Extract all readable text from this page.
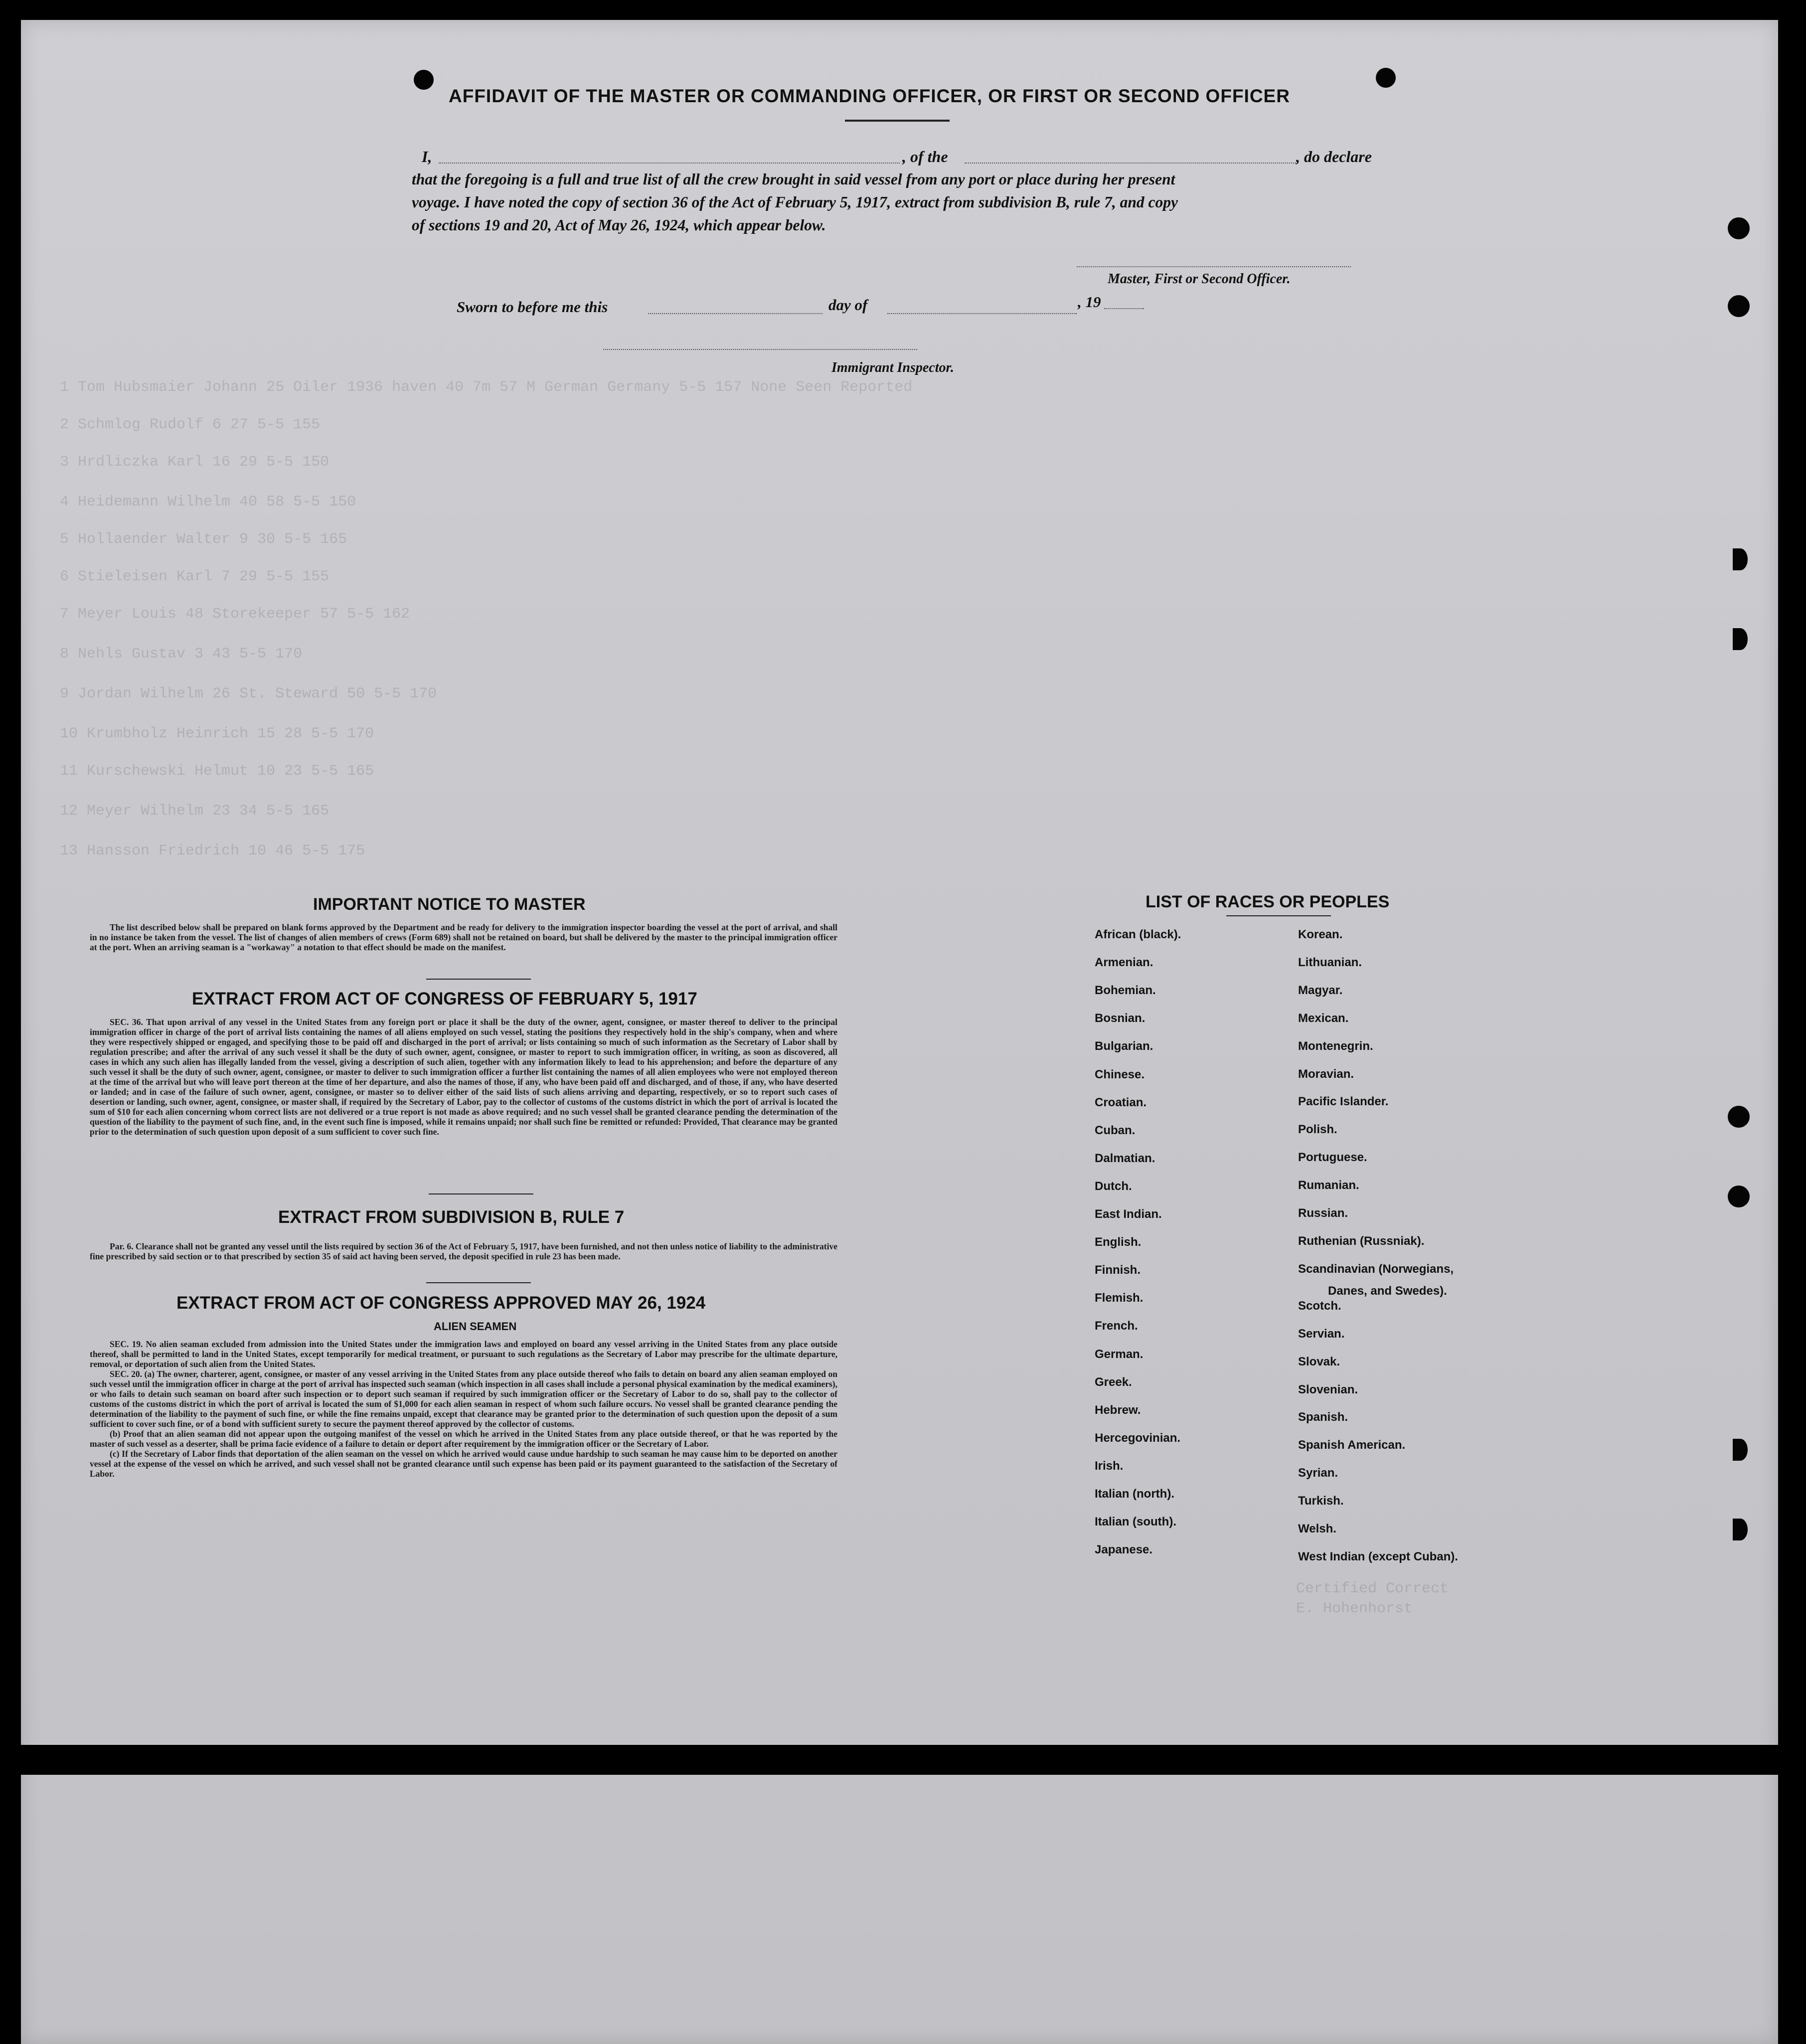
AFFIDAVIT OF THE MASTER OR COMMANDING OFFICER, OR FIRST OR SECOND OFFICER
I,	, of the	, do declare
that the foregoing is a full and true list of all the crew brought in said vessel from any port or place during her present
voyage. I have noted the copy of section 36 of the Act of February 5, 1917, extract from subdivision B, rule 7, and copy
of sections 19 and 20, Act of May 26, 1924, which appear below.
Master, First or Second Officer.
Sworn to before me this	day of	, 19
Immigrant Inspector.
1 Tom Hubsmaier Johann 25 Oiler 1936 haven 40 7m 57 M German Germany 5-5 157 None Seen Reported
2 Schmlog Rudolf 6 27 5-5 155
3 Hrdliczka Karl 16 29 5-5 150
4 Heidemann Wilhelm 40 58 5-5 150
5 Hollaender Walter 9 30 5-5 165
6 Stieleisen Karl 7 29 5-5 155
7 Meyer Louis 48 Storekeeper 57 5-5 162
8 Nehls Gustav 3 43 5-5 170
9 Jordan Wilhelm 26 St. Steward 50 5-5 170
10 Krumbholz Heinrich 15 28 5-5 170
11 Kurschewski Helmut 10 23 5-5 165
12 Meyer Wilhelm 23 34 5-5 165
13 Hansson Friedrich 10 46 5-5 175
Certified Correct
E. Hohenhorst
IMPORTANT NOTICE TO MASTER

The list described below shall be prepared on blank forms approved by the Department and be ready for delivery to the immigration inspector boarding the vessel at the port of arrival, and shall in no instance be taken from the vessel. The list of changes of alien members of crews (Form 689) shall not be retained on board, but shall be delivered by the master to the principal immigration officer at the port. When an arriving seaman is a "workaway" a notation to that effect should be made on the manifest.

EXTRACT FROM ACT OF CONGRESS OF FEBRUARY 5, 1917

SEC. 36. That upon arrival of any vessel in the United States from any foreign port or place it shall be the duty of the owner, agent, consignee, or master thereof to deliver to the principal immigration officer in charge of the port of arrival lists containing the names of all aliens employed on such vessel, stating the positions they respectively hold in the ship's company, when and where they were respectively shipped or engaged, and specifying those to be paid off and discharged in the port of arrival; or lists containing so much of such information as the Secretary of Labor shall by regulation prescribe; and after the arrival of any such vessel it shall be the duty of such owner, agent, consignee, or master to report to such immigration officer, in writing, as soon as discovered, all cases in which any such alien has illegally landed from the vessel, giving a description of such alien, together with any information likely to lead to his apprehension; and before the departure of any such vessel it shall be the duty of such owner, agent, consignee, or master to deliver to such immigration officer a further list containing the names of all alien employees who were not employed thereon at the time of the arrival but who will leave port thereon at the time of her departure, and also the names of those, if any, who have been paid off and discharged, and of those, if any, who have deserted or landed; and in case of the failure of such owner, agent, consignee, or master so to deliver either of the said lists of such aliens arriving and departing, respectively, or so to report such cases of desertion or landing, such owner, agent, consignee, or master shall, if required by the Secretary of Labor, pay to the collector of customs of the customs district in which the port of arrival is located the sum of $10 for each alien concerning whom correct lists are not delivered or a true report is not made as above required; and no such vessel shall be granted clearance pending the determination of the question of the liability to the payment of such fine, and, in the event such fine is imposed, while it remains unpaid; nor shall such fine be remitted or refunded: Provided, That clearance may be granted prior to the determination of such question upon deposit of a sum sufficient to cover such fine.

EXTRACT FROM SUBDIVISION B, RULE 7

Par. 6. Clearance shall not be granted any vessel until the lists required by section 36 of the Act of February 5, 1917, have been furnished, and not then unless notice of liability to the administrative fine prescribed by said section or to that prescribed by section 35 of said act having been served, the deposit specified in rule 23 has been made.

EXTRACT FROM ACT OF CONGRESS APPROVED MAY 26, 1924
ALIEN SEAMEN

SEC. 19. No alien seaman excluded from admission into the United States under the immigration laws and employed on board any vessel arriving in the United States from any place outside thereof, shall be permitted to land in the United States, except temporarily for medical treatment, or pursuant to such regulations as the Secretary of Labor may prescribe for the ultimate departure, removal, or deportation of such alien from the United States.

SEC. 20. (a) The owner, charterer, agent, consignee, or master of any vessel arriving in the United States from any place outside thereof who fails to detain on board any alien seaman employed on such vessel until the immigration officer in charge at the port of arrival has inspected such seaman (which inspection in all cases shall include a personal physical examination by the medical examiners), or who fails to detain such seaman on board after such inspection or to deport such seaman if required by such immigration officer or the Secretary of Labor to do so, shall pay to the collector of customs of the customs district in which the port of arrival is located the sum of $1,000 for each alien seaman in respect of whom such failure occurs. No vessel shall be granted clearance pending the determination of the liability to the payment of such fine, or while the fine remains unpaid, except that clearance may be granted prior to the determination of such question upon the deposit of a sum sufficient to cover such fine, or of a bond with sufficient surety to secure the payment thereof approved by the collector of customs.

(b) Proof that an alien seaman did not appear upon the outgoing manifest of the vessel on which he arrived in the United States from any place outside thereof, or that he was reported by the master of such vessel as a deserter, shall be prima facie evidence of a failure to detain or deport after requirement by the immigration officer or the Secretary of Labor.

(c) If the Secretary of Labor finds that deportation of the alien seaman on the vessel on which he arrived would cause undue hardship to such seaman he may cause him to be deported on another vessel at the expense of the vessel on which he arrived, and such vessel shall not be granted clearance until such expense has been paid or its payment guaranteed to the satisfaction of the Secretary of Labor.

LIST OF RACES OR PEOPLES
African (black).
Armenian.
Bohemian.
Bosnian.
Bulgarian.
Chinese.
Croatian.
Cuban.
Dalmatian.
Dutch.
East Indian.
English.
Finnish.
Flemish.
French.
German.
Greek.
Hebrew.
Hercegovinian.
Irish.
Italian (north).
Italian (south).
Japanese.
Korean.
Lithuanian.
Magyar.
Mexican.
Montenegrin.
Moravian.
Pacific Islander.
Polish.
Portuguese.
Rumanian.
Russian.
Ruthenian (Russniak).
Scandinavian (Norwegians,
Danes, and Swedes).
Scotch.
Servian.
Slovak.
Slovenian.
Spanish.
Spanish American.
Syrian.
Turkish.
Welsh.
West Indian (except Cuban).
